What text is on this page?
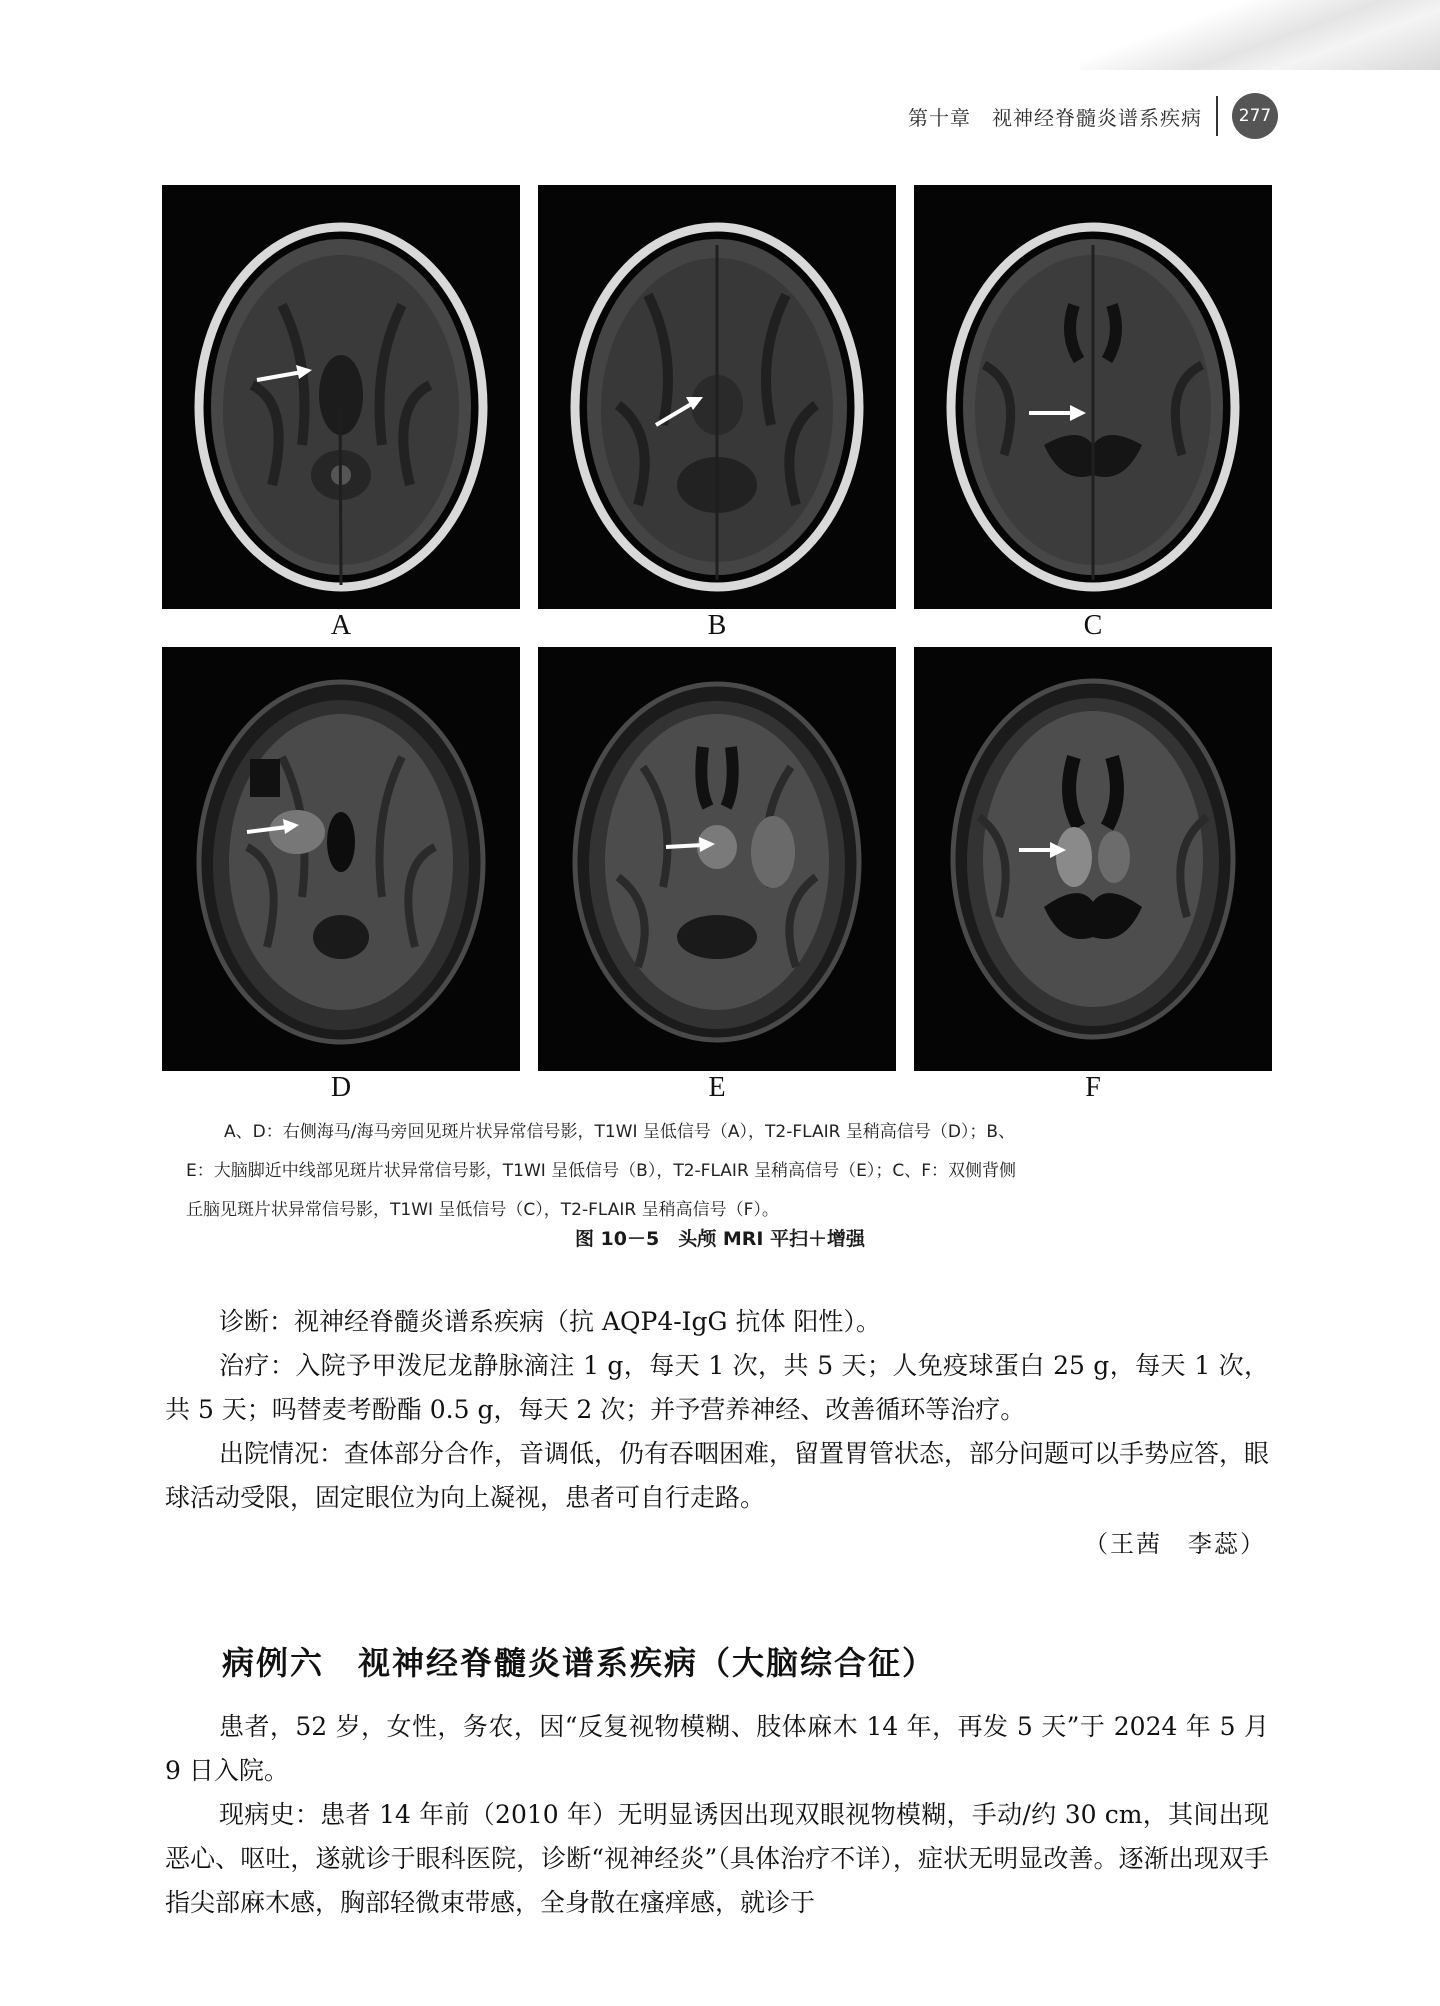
第十章　视神经脊髓炎谱系疾病	277
A	B	C
D	E	F

A、D：右侧海马/海马旁回见斑片状异常信号影，T1WI 呈低信号（A），T2-FLAIR 呈稍高信号（D）；B、

E：大脑脚近中线部见斑片状异常信号影，T1WI 呈低信号（B），T2-FLAIR 呈稍高信号（E）；C、F：双侧背侧

丘脑见斑片状异常信号影，T1WI 呈低信号（C），T2-FLAIR 呈稍高信号（F）。

图 10－5　头颅 MRI 平扫＋增强

诊断：视神经脊髓炎谱系疾病（抗 AQP4-IgG 抗体 阳性）。

治疗：入院予甲泼尼龙静脉滴注 1 g，每天 1 次，共 5 天；人免疫球蛋白 25 g，每天 1 次，共 5 天；吗替麦考酚酯 0.5 g，每天 2 次；并予营养神经、改善循环等治疗。

出院情况：查体部分合作，音调低，仍有吞咽困难，留置胃管状态，部分问题可以手势应答，眼球活动受限，固定眼位为向上凝视，患者可自行走路。

（王茜　李蕊）
病例六　视神经脊髓炎谱系疾病（大脑综合征）

患者，52 岁，女性，务农，因“反复视物模糊、肢体麻木 14 年，再发 5 天”于 2024 年 5 月 9 日入院。

现病史：患者 14 年前（2010 年）无明显诱因出现双眼视物模糊，手动/约 30 cm，其间出现恶心、呕吐，遂就诊于眼科医院，诊断“视神经炎”（具体治疗不详），症状无明显改善。逐渐出现双手指尖部麻木感，胸部轻微束带感，全身散在瘙痒感，就诊于
